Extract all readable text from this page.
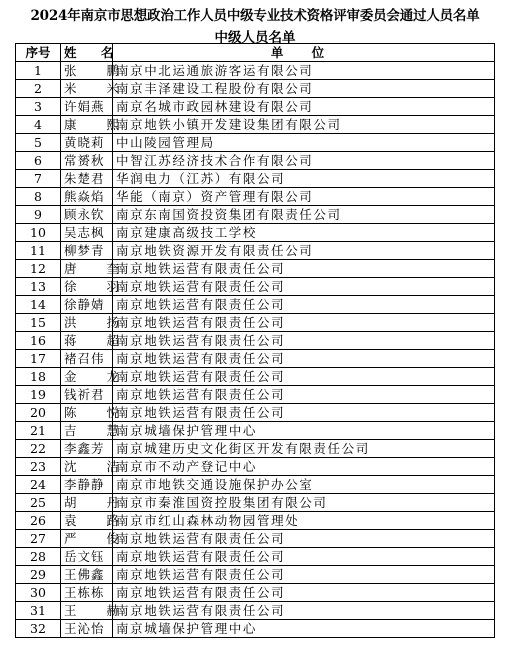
2024年南京市思想政治工作人员中级专业技术资格评审委员会通过人员名单
中级人员名单
序号	姓 名	单 位
1	张 鹏	南京中北运通旅游客运有限公司
2	米 米	南京丰泽建设工程股份有限公司
3	许娟燕	南京名城市政园林建设有限公司
4	康 熙	南京地铁小镇开发建设集团有限公司
5	黄晓莉	中山陵园管理局
6	常赟秋	中智江苏经济技术合作有限公司
7	朱楚君	华润电力（江苏）有限公司
8	熊焱焰	华能（南京）资产管理有限公司
9	顾永钦	南京东南国资投资集团有限责任公司
10	吴志枫	南京建康高级技工学校
11	柳梦青	南京地铁资源开发有限责任公司
12	唐 奎	南京地铁运营有限责任公司
13	徐 羽	南京地铁运营有限责任公司
14	徐静婧	南京地铁运营有限责任公司
15	洪 扬	南京地铁运营有限责任公司
16	蒋 超	南京地铁运营有限责任公司
17	褚召伟	南京地铁运营有限责任公司
18	金 龙	南京地铁运营有限责任公司
19	钱祈君	南京地铁运营有限责任公司
20	陈 悦	南京地铁运营有限责任公司
21	吉 慧	南京城墙保护管理中心
22	李鑫芳	南京城建历史文化街区开发有限责任公司
23	沈 洁	南京市不动产登记中心
24	李静静	南京市地铁交通设施保护办公室
25	胡 丹	南京市秦淮国资控股集团有限公司
26	袁 路	南京市红山森林动物园管理处
27	严 俊	南京地铁运营有限责任公司
28	岳文钰	南京地铁运营有限责任公司
29	王佛鑫	南京地铁运营有限责任公司
30	王栋栋	南京地铁运营有限责任公司
31	王 赫	南京地铁运营有限责任公司
32	王沁怡	南京城墙保护管理中心
